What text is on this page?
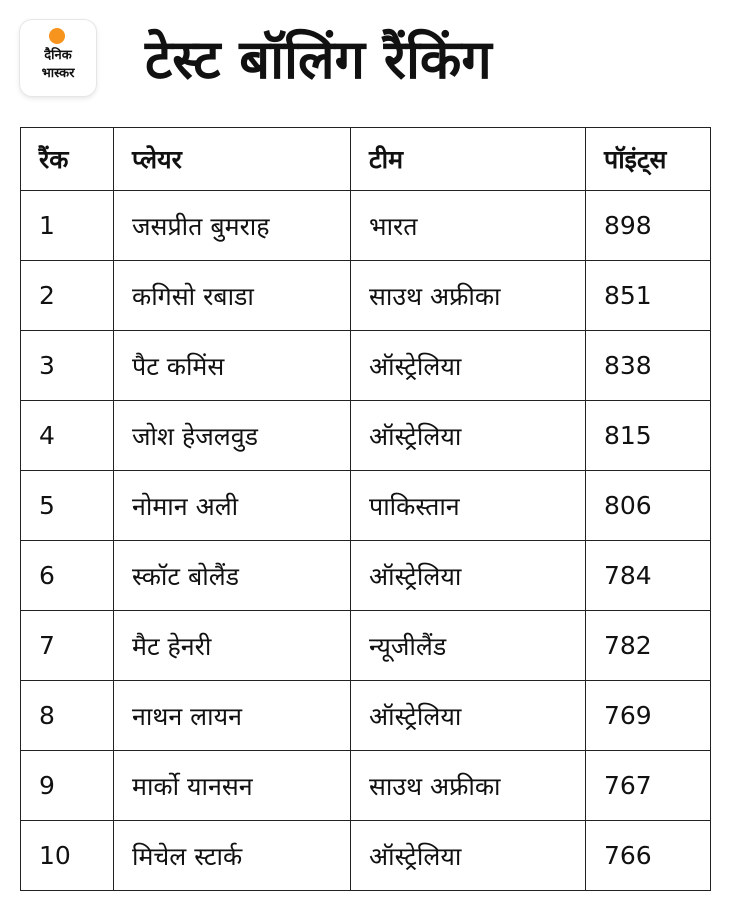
दैनिक
भास्कर	टेस्ट बॉलिंग रैंकिंग
रैंक	प्लेयर	टीम	पॉइंट्स
1	जसप्रीत बुमराह	भारत	898
2	कगिसो रबाडा	साउथ अफ्रीका	851
3	पैट कमिंस	ऑस्ट्रेलिया	838
4	जोश हेजलवुड	ऑस्ट्रेलिया	815
5	नोमान अली	पाकिस्तान	806
6	स्कॉट बोलैंड	ऑस्ट्रेलिया	784
7	मैट हेनरी	न्यूजीलैंड	782
8	नाथन लायन	ऑस्ट्रेलिया	769
9	मार्को यानसन	साउथ अफ्रीका	767
10	मिचेल स्टार्क	ऑस्ट्रेलिया	766
